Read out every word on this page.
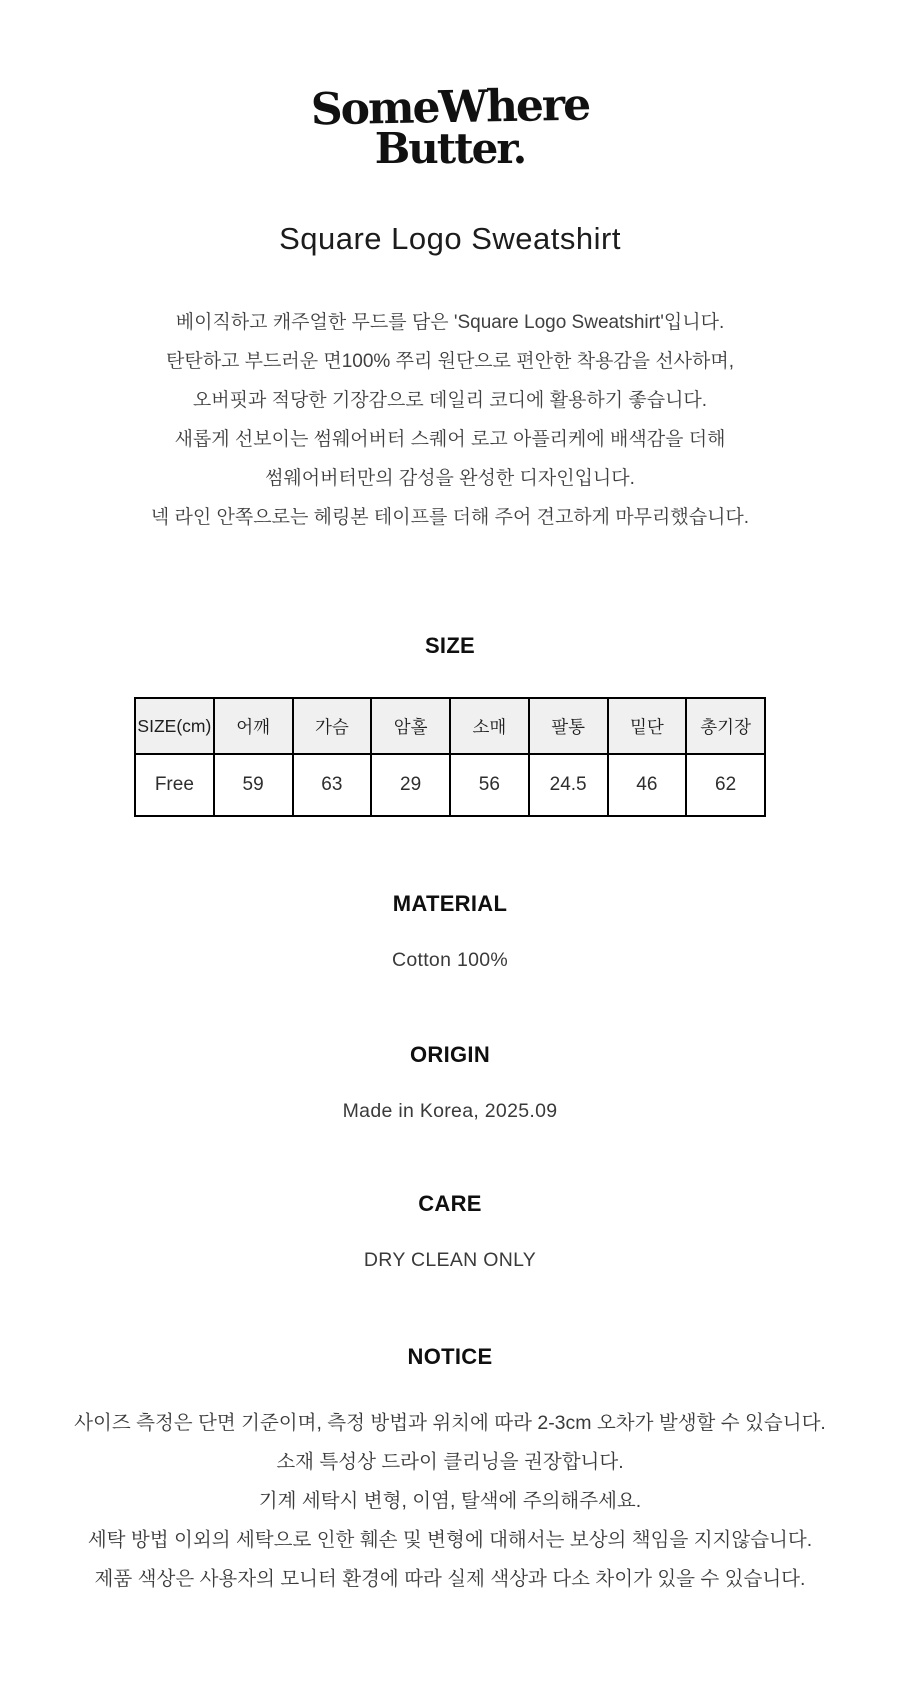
SomeWhere
Butter.
Square Logo Sweatshirt

베이직하고 캐주얼한 무드를 담은 'Square Logo Sweatshirt'입니다.

탄탄하고 부드러운 면100% 쭈리 원단으로 편안한 착용감을 선사하며,

오버핏과 적당한 기장감으로 데일리 코디에 활용하기 좋습니다.

새롭게 선보이는 썸웨어버터 스퀘어 로고 아플리케에 배색감을 더해

썸웨어버터만의 감성을 완성한 디자인입니다.

넥 라인 안쪽으로는 헤링본 테이프를 더해 주어 견고하게 마무리했습니다.

SIZE
SIZE(cm)	어깨	가슴	암홀	소매	팔통	밑단	총기장
Free	59	63	29	56	24.5	46	62
MATERIAL
Cotton 100%
ORIGIN
Made in Korea, 2025.09
CARE
DRY CLEAN ONLY
NOTICE

사이즈 측정은 단면 기준이며, 측정 방법과 위치에 따라 2-3cm 오차가 발생할 수 있습니다.

소재 특성상 드라이 클리닝을 권장합니다.

기계 세탁시 변형, 이염, 탈색에 주의해주세요.

세탁 방법 이외의 세탁으로 인한 훼손 및 변형에 대해서는 보상의 책임을 지지않습니다.

제품 색상은 사용자의 모니터 환경에 따라 실제 색상과 다소 차이가 있을 수 있습니다.
